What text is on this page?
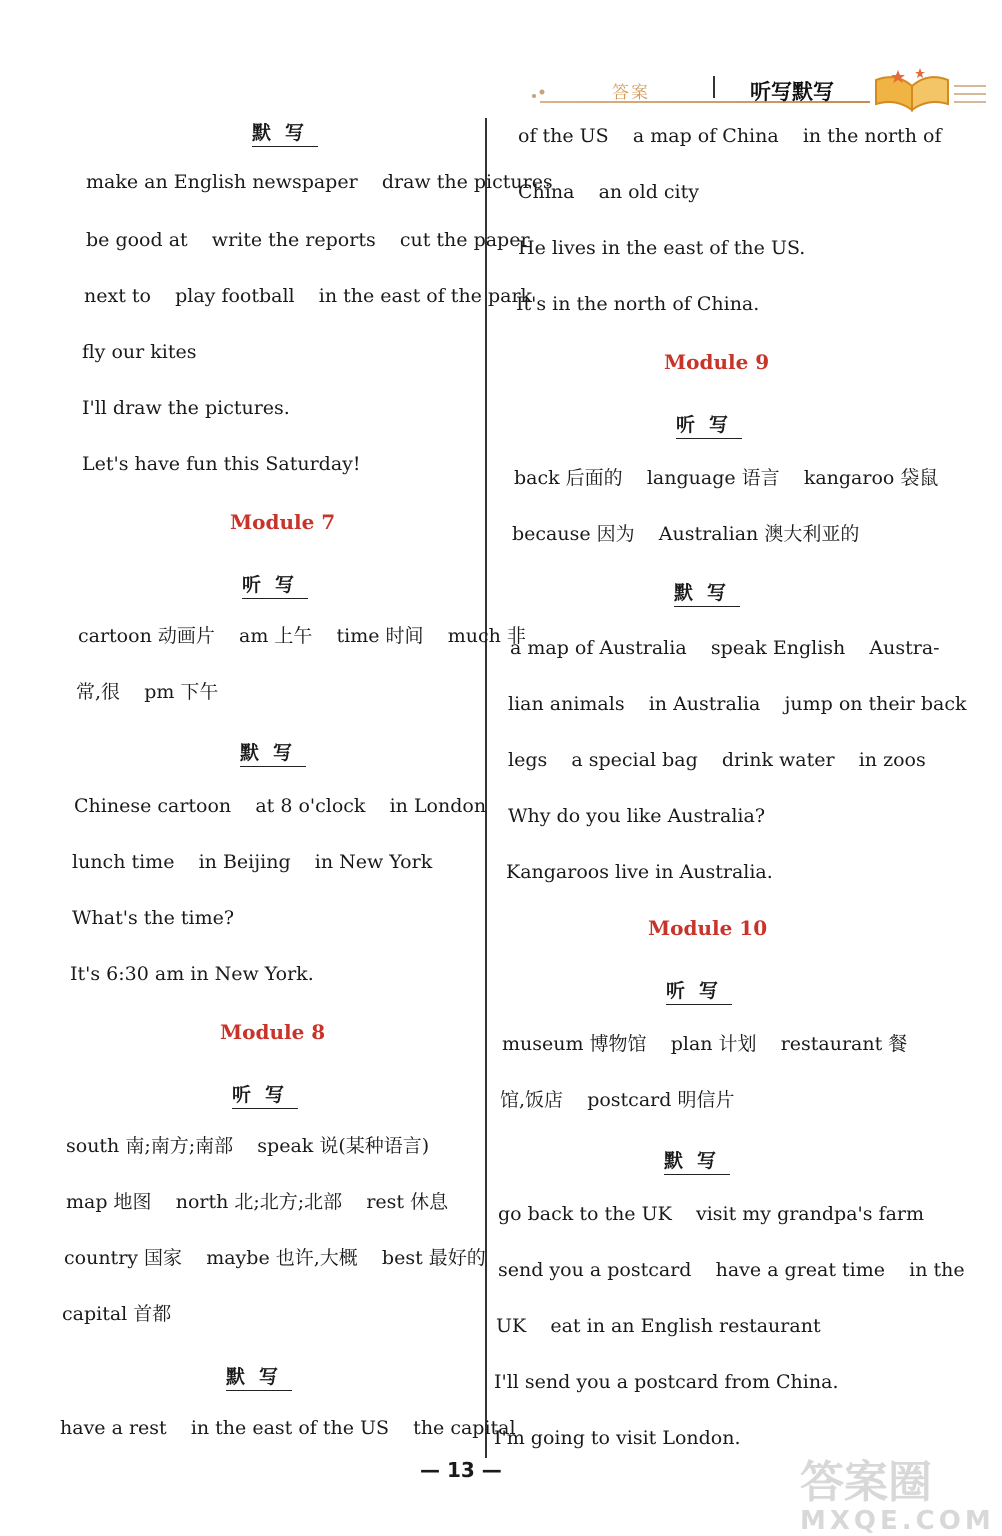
答案	听写默写
默写
make an English newspaper    draw the pictures
be good at    write the reports    cut the paper
next to    play football    in the east of the park
fly our kites
I'll draw the pictures.
Let's have fun this Saturday!
Module 7
听写
cartoon 动画片    am 上午    time 时间    much 非
常,很    pm 下午
默写
Chinese cartoon    at 8 o'clock    in London
lunch time    in Beijing    in New York
What's the time?
It's 6:30 am in New York.
Module 8
听写
south 南;南方;南部    speak 说(某种语言)
map 地图    north 北;北方;北部    rest 休息
country 国家    maybe 也许,大概    best 最好的
capital 首都
默写
have a rest    in the east of the US    the capital
of the US    a map of China    in the north of
China    an old city
He lives in the east of the US.
It's in the north of China.
Module 9
听写
back 后面的    language 语言    kangaroo 袋鼠
because 因为    Australian 澳大利亚的
默写
a map of Australia    speak English    Austra-
lian animals    in Australia    jump on their back
legs    a special bag    drink water    in zoos
Why do you like Australia?
Kangaroos live in Australia.
Module 10
听写
museum 博物馆    plan 计划    restaurant 餐
馆,饭店    postcard 明信片
默写
go back to the UK    visit my grandpa's farm
send you a postcard    have a great time    in the
UK    eat in an English restaurant
I'll send you a postcard from China.
I'm going to visit London.
— 13 —	答案圈
MXQE.COM
